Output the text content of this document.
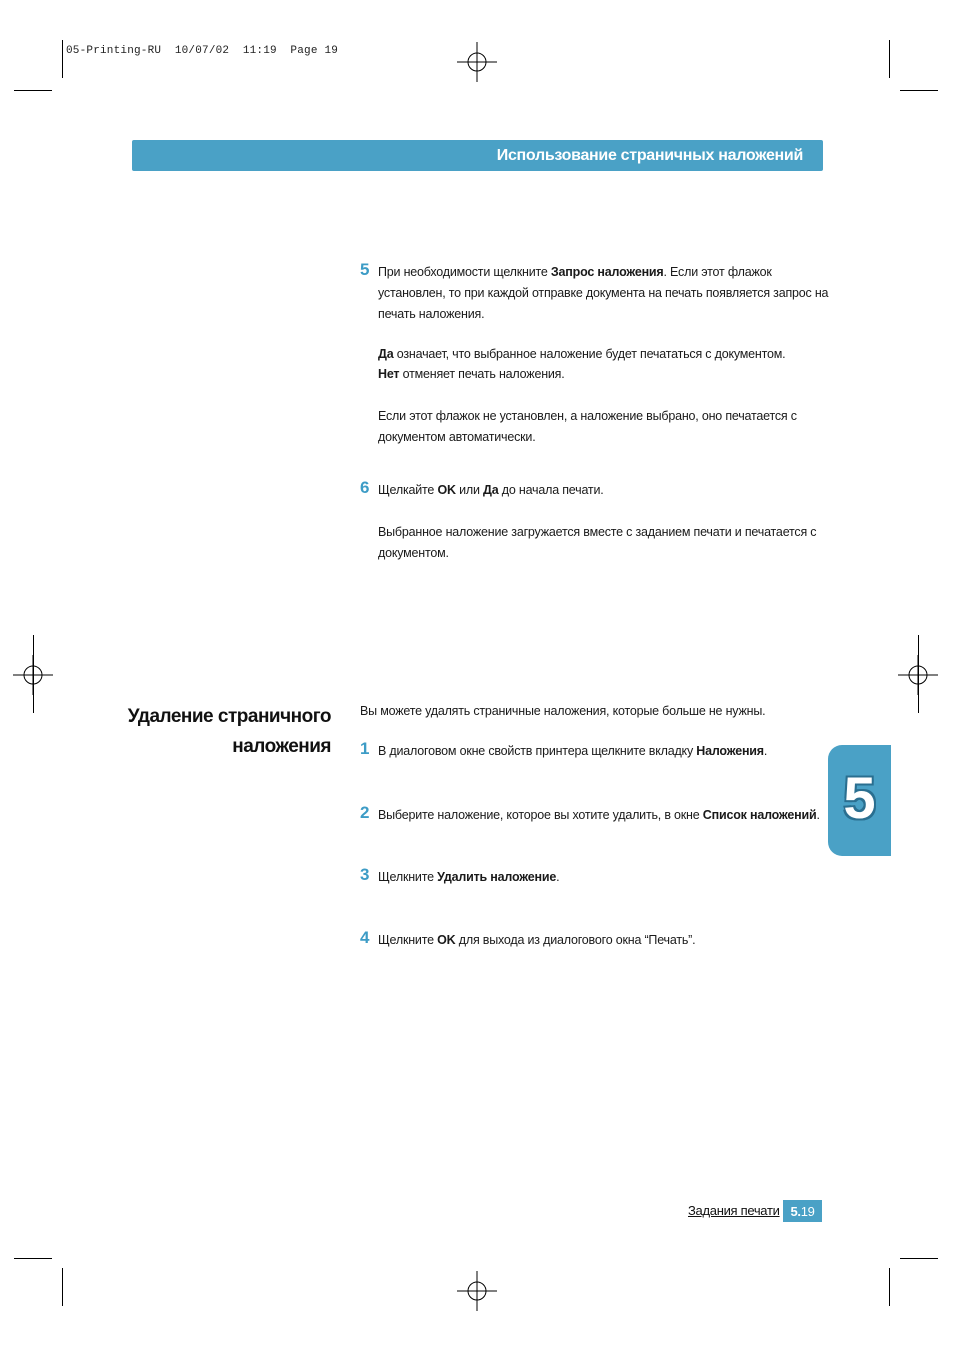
05-Printing-RU  10/07/02  11:19  Page 19
Использование страничных наложений
5 При необходимости щелкните Запрос наложения. Если этот флажок установлен, то при каждой отправке документа на печать появляется запрос на печать наложения.
Да означает, что выбранное наложение будет печататься с документом.
Нет отменяет печать наложения.
Если этот флажок не установлен, а наложение выбрано, оно печатается с документом автоматически.
6 Щелкайте OK или Да до начала печати.
Выбранное наложение загружается вместе с заданием печати и печатается с документом.
Удаление страничного
наложения
Вы можете удалять страничные наложения, которые больше не нужны.
1 В диалоговом окне свойств принтера щелкните вкладку Наложения.
2 Выберите наложение, которое вы хотите удалить, в окне Список наложений.
3 Щелкните Удалить наложение.
4 Щелкните OK для выхода из диалогового окна “Печать”.
5
Задания печати 5. 19
